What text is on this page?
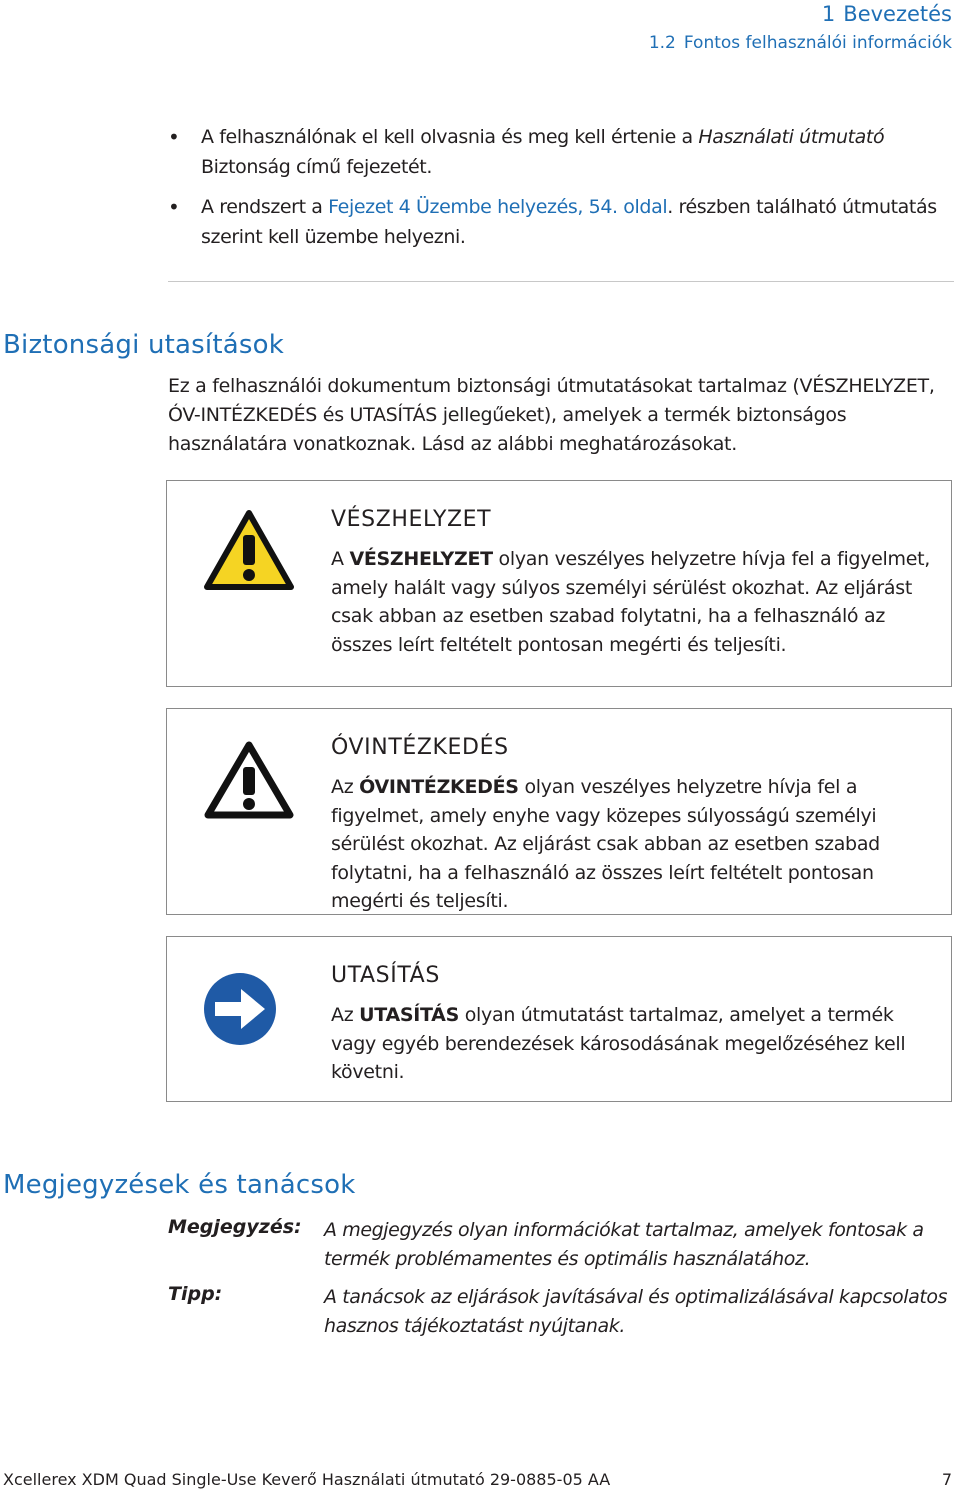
1 Bevezetés
1.2 Fontos felhasználói információk
• A felhasználónak el kell olvasnia és meg kell értenie a Használati útmutató Biztonság című fejezetét.
• A rendszert a Fejezet 4 Üzembe helyezés, 54. oldal. részben található útmutatás szerint kell üzembe helyezni.
Biztonsági utasítások
Ez a felhasználói dokumentum biztonsági útmutatásokat tartalmaz (VÉSZHELYZET, ÓV-INTÉZKEDÉS és UTASÍTÁS jellegűeket), amelyek a termék biztonságos használatára vonatkoznak. Lásd az alábbi meghatározásokat.
VÉSZHELYZET
A VÉSZHELYZET olyan veszélyes helyzetre hívja fel a figyelmet, amely halált vagy súlyos személyi sérülést okozhat. Az eljárást csak abban az esetben szabad folytatni, ha a felhasználó az összes leírt feltételt pontosan megérti és teljesíti.
ÓVINTÉZKEDÉS
Az ÓVINTÉZKEDÉS olyan veszélyes helyzetre hívja fel a figyelmet, amely enyhe vagy közepes súlyosságú személyi sérülést okozhat. Az eljárást csak abban az esetben szabad folytatni, ha a felhasználó az összes leírt feltételt pontosan megérti és teljesíti.
UTASÍTÁS
Az UTASÍTÁS olyan útmutatást tartalmaz, amelyet a termék vagy egyéb berendezések károsodásának megelőzéséhez kell követni.
Megjegyzések és tanácsok
Megjegyzés: A megjegyzés olyan információkat tartalmaz, amelyek fontosak a termék problémamentes és optimális használatához.
Tipp:	A tanácsok az eljárások javításával és optimalizálásával kapcsolatos hasznos tájékoztatást nyújtanak.
Xcellerex XDM Quad Single-Use Keverő Használati útmutató 29-0885-05 AA	7
